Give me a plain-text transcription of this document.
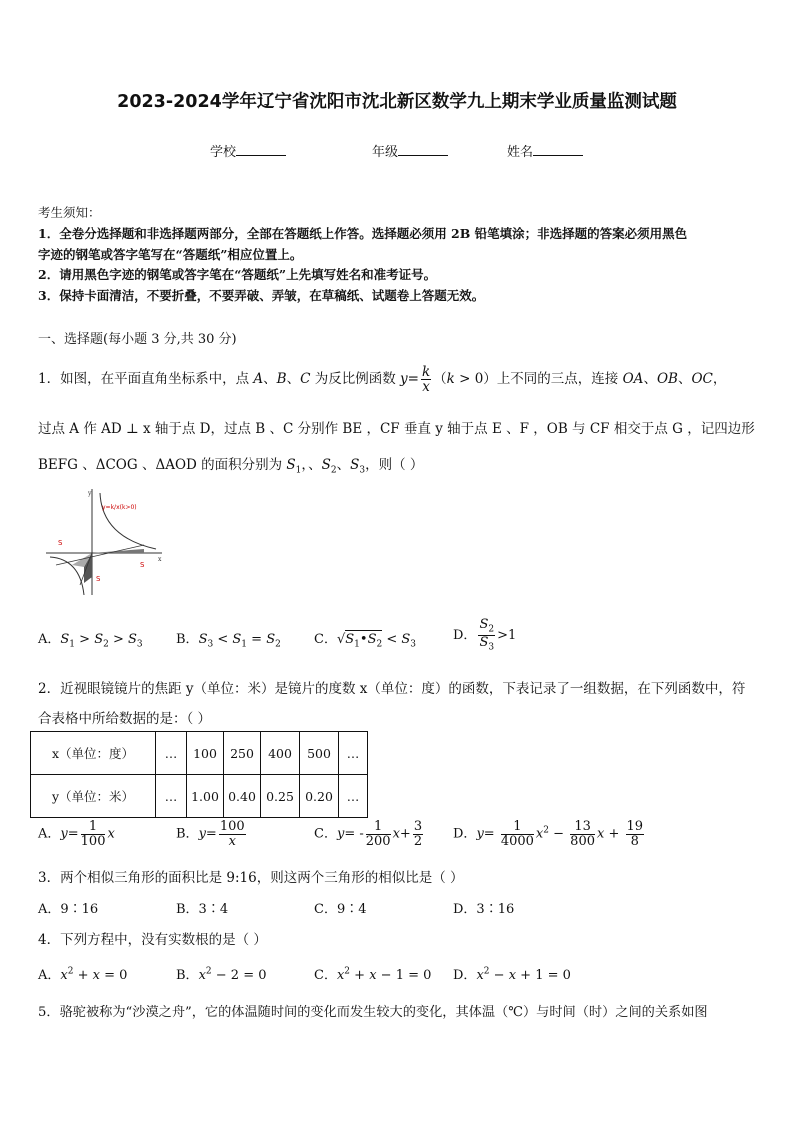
2023-2024学年辽宁省沈阳市沈北新区数学九上期末学业质量监测试题
学校	年级	姓名
考生须知：
1．全卷分选择题和非选择题两部分，全部在答题纸上作答。选择题必须用 2B 铅笔填涂；非选择题的答案必须用黑色
字迹的钢笔或答字笔写在“答题纸”相应位置上。
2．请用黑色字迹的钢笔或答字笔在“答题纸”上先填写姓名和准考证号。
3．保持卡面清洁，不要折叠，不要弄破、弄皱，在草稿纸、试题卷上答题无效。
一、选择题(每小题 3 分,共 30 分)
1．如图，在平面直角坐标系中，点 A、B、C 为反比例函数 $y= \frac{k}{x} (k > 0)$上不同的三点，连接 OA、OB、OC，
过点 A 作 AD ⊥ x 轴于点 D，过点 B 、C 分别作 BE ，CF 垂直 y 轴于点 E 、F ，OB 与 CF 相交于点 G ，记四边形
BEFG 、ΔCOG 、ΔAOD 的面积分别为 $S_1$，、$S_2$、$S_3$，则（ ）
S
S
S
y=k/x(k>0)
y
x
A．$S_1 > S_2 > S_3$	B．$S_3 < S_1 = S_2$	C．$√S_1•S_2 < S_3$
D． $\frac{S_2}{S_3} >1$
2．近视眼镜镜片的焦距 y（单位：米）是镜片的度数 x（单位：度）的函数，下表记录了一组数据，在下列函数中，符
合表格中所给数据的是：（ ）
x（单位：度）	…	100	250	400	500	…
y（单位：米）	…	1.00	0.40	0.25	0.20	…
A．$y= \frac{1}{100}$ x	B．$y= \frac{100}{x}$	C．$y= - \frac{1}{200} x+ \frac{3}{2}$ D．$y= \frac{1}{4000} x^2 - \frac{13}{800}$ $x + \frac{19}{8}$
3．两个相似三角形的面积比是 9:16，则这两个三角形的相似比是（ ）
A．9∶16	B．3∶4	C．9∶4	D．3∶16
4．下列方程中，没有实数根的是（ ）
A．$x^2 + x = 0$	B．$x^2 - 2 = 0$	C．$x^2 + x - 1 = 0$ D．$x^2 - x + 1 = 0$
5．骆驼被称为“沙漠之舟”，它的体温随时间的变化而发生较大的变化，其体温（℃）与时间（时）之间的关系如图
